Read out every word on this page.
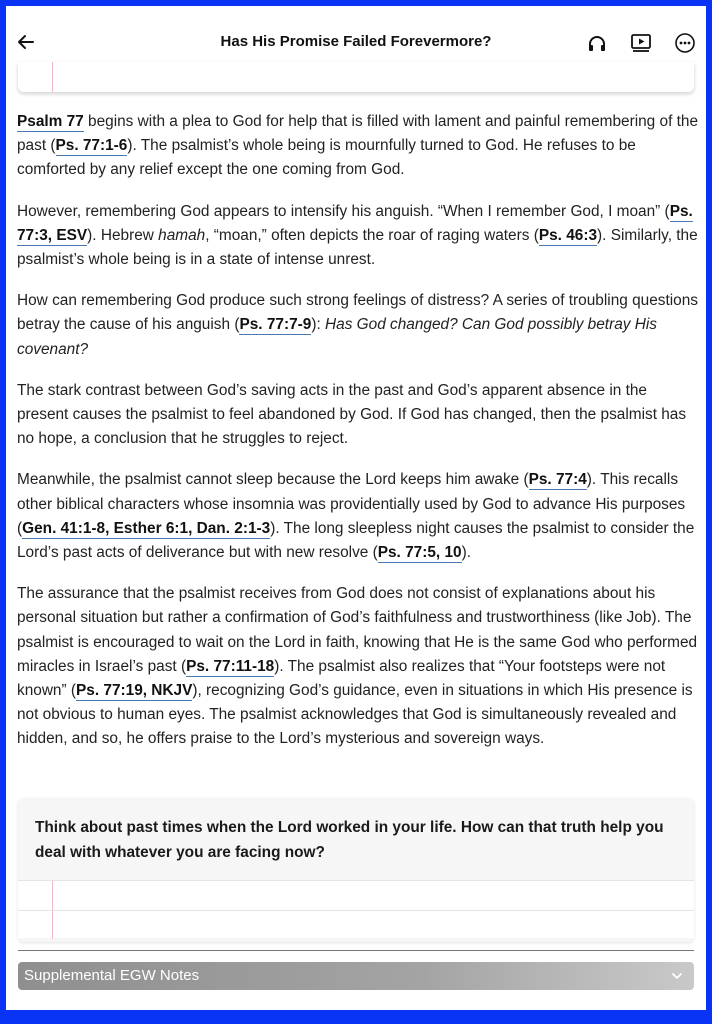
Has His Promise Failed Forevermore?

Psalm 77 begins with a plea to God for help that is filled with lament and painful remembering of the past (Ps. 77:1-6). The psalmist’s whole being is mournfully turned to God. He refuses to be comforted by any relief except the one coming from God.

However, remembering God appears to intensify his anguish. “When I remember God, I moan” (Ps. 77:3, ESV). Hebrew hamah, “moan,” often depicts the roar of raging waters (Ps. 46:3). Similarly, the psalmist’s whole being is in a state of intense unrest.

How can remembering God produce such strong feelings of distress? A series of troubling questions betray the cause of his anguish (Ps. 77:7-9): Has God changed? Can God possibly betray His covenant?

The stark contrast between God’s saving acts in the past and God’s apparent absence in the present causes the psalmist to feel abandoned by God. If God has changed, then the psalmist has no hope, a conclusion that he struggles to reject.

Meanwhile, the psalmist cannot sleep because the Lord keeps him awake (Ps. 77:4). This recalls other biblical characters whose insomnia was providentially used by God to advance His purposes (Gen. 41:1-8, Esther 6:1, Dan. 2:1-3). The long sleepless night causes the psalmist to consider the Lord’s past acts of deliverance but with new resolve (Ps. 77:5, 10).

The assurance that the psalmist receives from God does not consist of explanations about his personal situation but rather a confirmation of God’s faithfulness and trustworthiness (like Job). The psalmist is encouraged to wait on the Lord in faith, knowing that He is the same God who performed miracles in Israel’s past (Ps. 77:11-18). The psalmist also realizes that “Your footsteps were not known” (Ps. 77:19, NKJV), recognizing God’s guidance, even in situations in which His presence is not obvious to human eyes. The psalmist acknowledges that God is simultaneously revealed and hidden, and so, he offers praise to the Lord’s mysterious and sovereign ways.

Think about past times when the Lord worked in your life. How can that truth help you deal with whatever you are facing now?
Supplemental EGW Notes
